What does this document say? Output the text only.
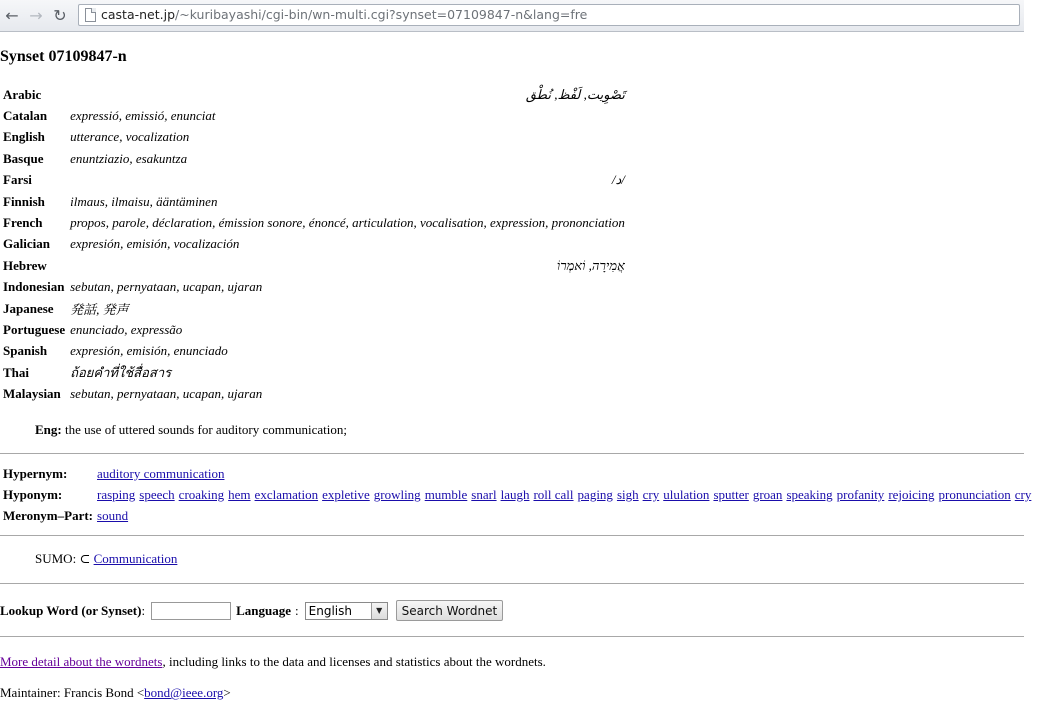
← → ↻	casta-net.jp/~kuribayashi/cgi-bin/wn-multi.cgi?synset=07109847-n&lang=fre
Synset 07109847-n
Arabic	تَصْوِيت, لَفْظ, نُطْق
Catalan	expressió, emissió, enunciat
English	utterance, vocalization
Basque	enuntziazio, esakuntza
Farsi	/د/
Finnish	ilmaus, ilmaisu, ääntäminen
French	propos, parole, déclaration, émission sonore, énoncé, articulation, vocalisation, expression, prononciation
Galician	expresión, emisión, vocalización
Hebrew	אֲמִירָה, וֹאמְרוֹ
Indonesian	sebutan, pernyataan, ucapan, ujaran
Japanese	発話, 発声
Portuguese	enunciado, expressão
Spanish	expresión, emisión, enunciado
Thai	ถ้อยคำที่ใช้สื่อสาร
Malaysian	sebutan, pernyataan, ucapan, ujaran
Eng: the use of uttered sounds for auditory communication;
Hypernym:	auditory communication
Hyponym:	rasping speech croaking hem exclamation expletive growling mumble snarl laugh roll call paging sigh cry ululation sputter groan speaking profanity rejoicing pronunciation cry
Meronym–Part:	sound
SUMO: ⊂ Communication
Lookup Word (or Synset) :	Language : English	▼	Search Wordnet
More detail about the wordnets, including links to the data and licenses and statistics about the wordnets.
Maintainer: Francis Bond <bond@ieee.org>
